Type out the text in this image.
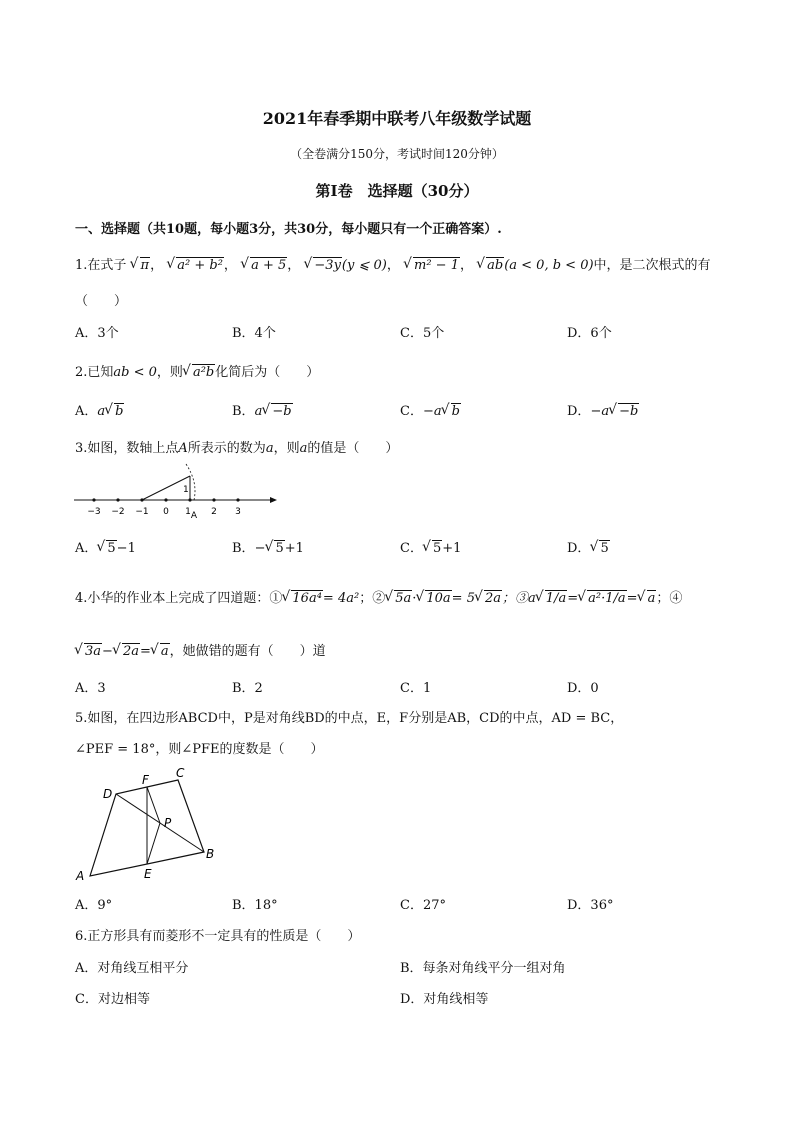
2021年春季期中联考八年级数学试题
（全卷满分150分，考试时间120分钟）
第Ⅰ卷　选择题（30分）
一、选择题（共10题，每小题3分，共30分，每小题只有一个正确答案）.
1.在式子 √ π， √ a² + b²， √ a + 5， √ −3y(y ⩽ 0)， √ m² − 1， √ ab(a < 0, b < 0)中，是二次根式的有
（　　）
A．3个	B．4个	C．5个	D．6个
2.已知ab < 0，则 √ a²b化简后为（　　）
A．a √ b	B．a √ −b	C．−a √ b	D．−a √ −b
3.如图，数轴上点A所表示的数为a，则a的值是（　　）
−3 −2 −1 0 1 2 3
1
A
A． √ 5−1	B．− √ 5+1	C． √ 5+1	D． √ 5
4.小华的作业本上完成了四道题：① √ 16a⁴= 4a²；② √ 5a· √ 10a= 5 √ 2a；③a √ 1/a= √ a²·1/a= √ a；④
√ 3a− √ 2a= √ a，她做错的题有（　　）道
A．3	B．2	C．1	D．0
5.如图，在四边形ABCD中，P是对角线BD的中点，E，F分别是AB，CD的中点，AD = BC，
∠PEF = 18°，则∠PFE的度数是（　　）
A
B
C
D
E
F
P
A．9°	B．18°	C．27°	D．36°
6.正方形具有而菱形不一定具有的性质是（　　）
A．对角线互相平分	B．每条对角线平分一组对角
C．对边相等	D．对角线相等
